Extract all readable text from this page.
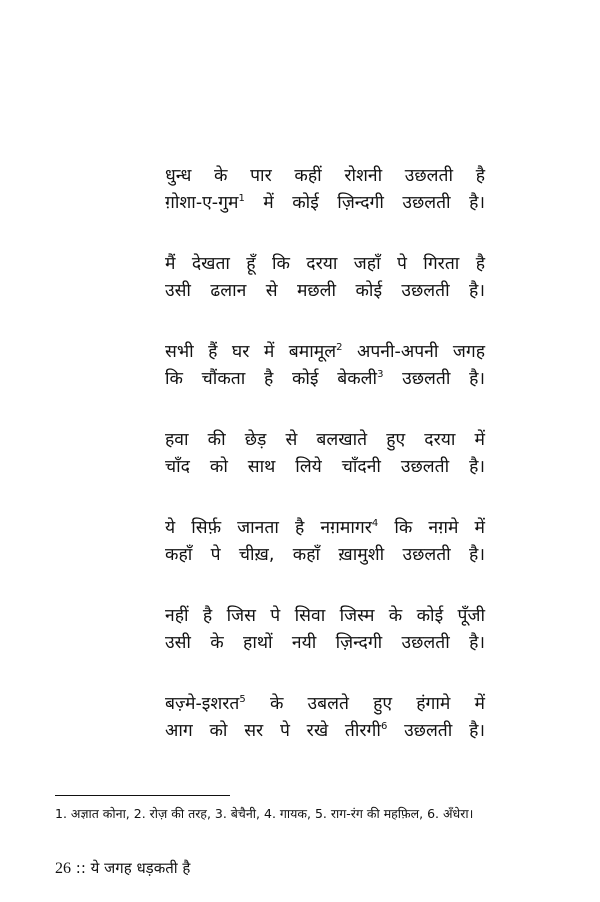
धुन्ध के पार कहीं रोशनी उछलती है
ग़ोशा-ए-गुम$^1$ में कोई ज़िन्दगी उछलती है।
मैं देखता हूँ कि दरया जहाँ पे गिरता है
उसी ढलान से मछली कोई उछलती है।
सभी हैं घर में बमामूल$^2$ अपनी-अपनी जगह
कि चौंकता है कोई बेकली$^3$ उछलती है।
हवा की छेड़ से बलखाते हुए दरया में
चाँद को साथ लिये चाँदनी उछलती है।
ये सिर्फ़ जानता है नग़मागर$^4$ कि नग़मे में
कहाँ पे चीख़, कहाँ ख़ामुशी उछलती है।
नहीं है जिस पे सिवा जिस्म के कोई पूँजी
उसी के हाथों नयी ज़िन्दगी उछलती है।
बज़्मे-इशरत$^5$ के उबलते हुए हंगामे में
आग को सर पे रखे तीरगी$^6$ उछलती है।
1. अज्ञात कोना, 2. रोज़ की तरह, 3. बेचैनी, 4. गायक, 5. राग-रंग की महफ़िल, 6. अँधेरा।
26 :: ये जगह धड़कती है
